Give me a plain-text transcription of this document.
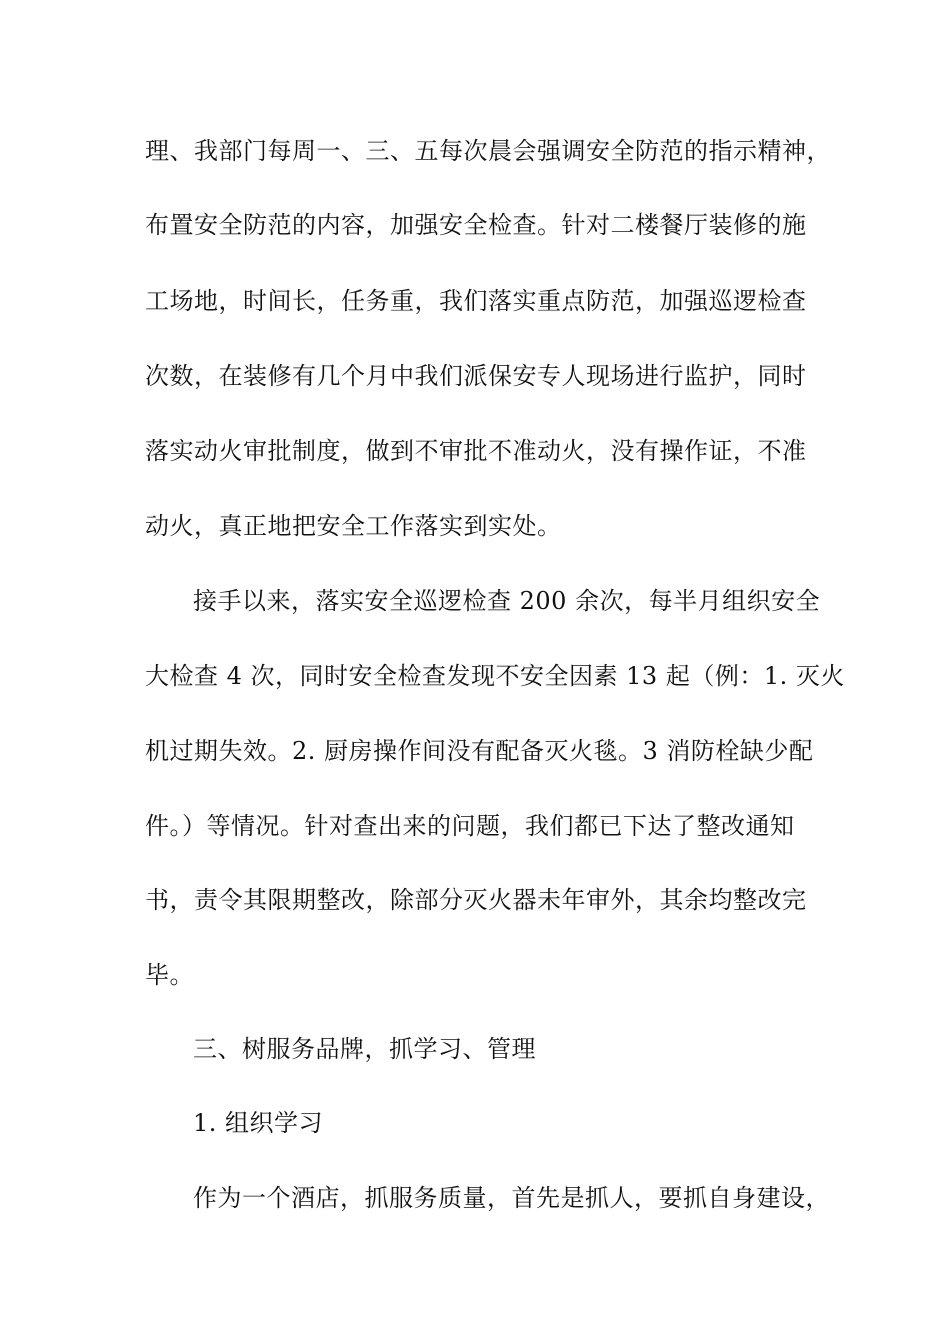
理、我部门每周一、三、五每次晨会强调安全防范的指示精神，
布置安全防范的内容，加强安全检查。针对二楼餐厅装修的施
工场地，时间长，任务重，我们落实重点防范，加强巡逻检查
次数，在装修有几个月中我们派保安专人现场进行监护，同时
落实动火审批制度，做到不审批不准动火，没有操作证，不准
动火，真正地把安全工作落实到实处。
接手以来，落实安全巡逻检查 200 余次，每半月组织安全
大检查 4 次，同时安全检查发现不安全因素 13 起（例：1. 灭火
机过期失效。2. 厨房操作间没有配备灭火毯。3 消防栓缺少配
件。）等情况。针对查出来的问题，我们都已下达了整改通知
书，责令其限期整改，除部分灭火器未年审外，其余均整改完
毕。
三、树服务品牌，抓学习、管理
1. 组织学习
作为一个酒店，抓服务质量，首先是抓人，要抓自身建设，
